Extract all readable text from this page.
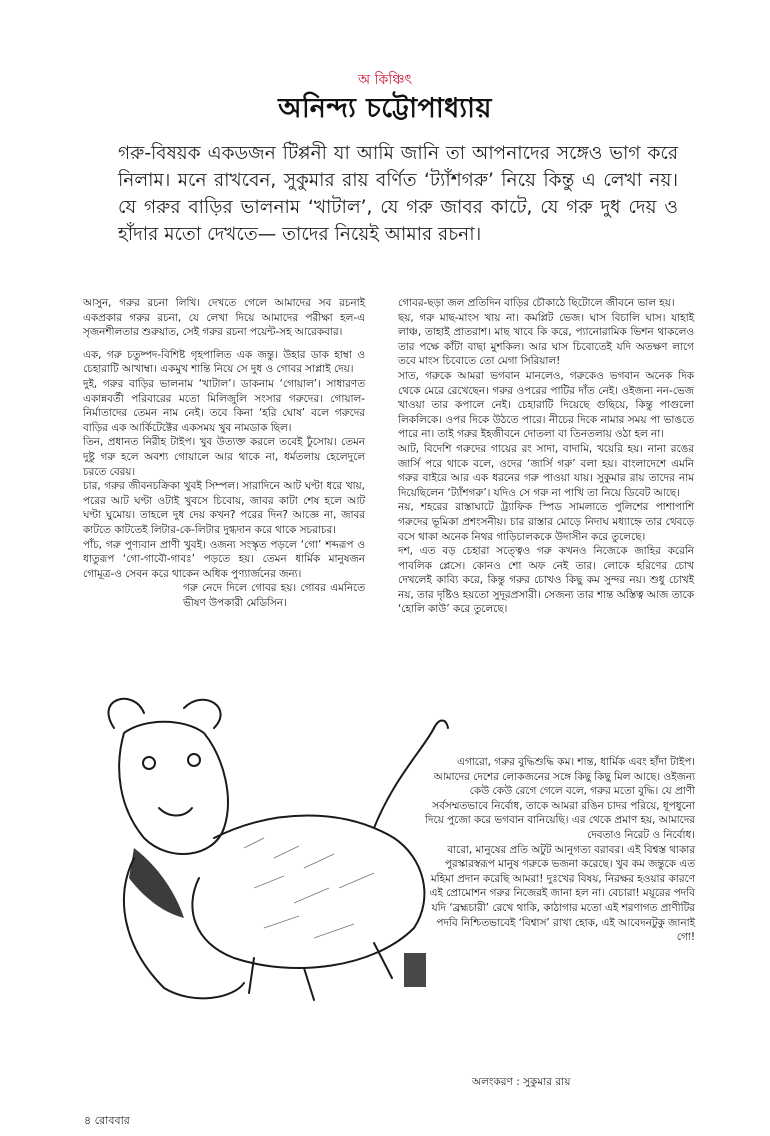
অ কিঞ্চিৎ
অনিন্দ্য চট্টোপাধ্যায়
গরু-বিষয়ক একডজন টিপ্পনী যা আমি জানি তা আপনাদের সঙ্গেও ভাগ করে নিলাম। মনে রাখবেন, সুকুমার রায় বর্ণিত ‘ট্যাঁশগরু’ নিয়ে কিন্তু এ লেখা নয়। যে গরুর বাড়ির ভালনাম ‘খাটাল’, যে গরু জাবর কাটে, যে গরু দুধ দেয় ও হাঁদার মতো দেখতে— তাদের নিয়েই আমার রচনা।

আসুন, গরুর রচনা লিখি। দেখতে গেলে আমাদের সব রচনাই একপ্রকার গরুর রচনা, যে লেখা দিয়ে আমাদের পরীক্ষা হল-এ সৃজনশীলতার শুরুয়াত, সেই গরুর রচনা পয়েন্ট-সহ আরেকবার।

এক, গরু চতুষ্পদ-বিশিষ্ট গৃহপালিত এক জন্তু। উহার ডাক হাম্বা ও চেহারাটি আখাম্বা। একমুখ শান্তি নিয়ে সে দুধ ও গোবর সাপ্লাই দেয়।

দুই, গরুর বাড়ির ভালনাম ‘খাটাল’। ডাকনাম ‘গোয়াল’। সাধারণত একান্নবর্তী পরিবারের মতো মিলিজুলি সংসার গরুদের। গোয়াল-নির্মাতাদের তেমন নাম নেই। তবে কিনা ‘হরি ঘোষ’ বলে গরুদের বাড়ির এক আর্কিটেক্টের একসময় খুব নামডাক ছিল।

তিন, প্রধানত নিরীহ টাইপ। খুব উত্যক্ত করলে তবেই ঢুঁসোয়। তেমন দুষ্টু গরু হলে অবশ্য গোয়ালে আর থাকে না, ধর্মতলায় হেলেদুলে চরতে বেরয়।

চার, গরুর জীবনচক্রিকা খুবই সিম্পল। সারাদিনে আট ঘণ্টা ধরে খায়, পরের আট ঘণ্টা ওটাই খুবসে চিবোয়, জাবর কাটা শেষ হলে আট ঘণ্টা ঘুমোয়। তাহলে দুধ দেয় কখন? পরের দিন? আজ্ঞে না, জাবর কাটতে কাটতেই লিটার-কে-লিটার দুগ্ধদান করে থাকে সচরাচর।

পাঁচ, গরু পুণ্যবান প্রাণী খুবই। ওজন্য সংস্কৃত পড়লে ‘গো’ শব্দরূপ ও ধাতুরূপ ‘গো-গাবৌ-গাবঃ’ পড়তে হয়। তেমন ধার্মিক মানুষজন গোমূত্র-ও সেবন করে থাকেন অধিক পুণ্যার্জনের জন্য।

গরু নেদে দিলে গোবর হয়। গোবর এমনিতে ভীষণ উপকারী মেডিসিন।

গোবর-ছড়া জল প্রতিদিন বাড়ির চৌকাঠে ছিটোলে জীবনে ভাল হয়।

ছয়, গরু মাছ-মাংস খায় না। কমপ্লিট ভেজ। ঘাস বিচালি ঘাস। যাহাই লাঞ্চ, তাহাই প্রাতরাশ। মাছ খাবে কি করে, প্যানোরামিক ভিশন থাকলেও তার পক্ষে কাঁটা বাছা মুশকিল। আর ঘাস চিবোতেই যদি অতক্ষণ লাগে তবে মাংস চিবোতে তো মেগা সিরিয়াল!

সাত, গরুকে আমরা ভগবান মানলেও, গরুকেও ভগবান অনেক দিক থেকে মেরে রেখেছেন। গরুর ওপরের পাটির দাঁত নেই। ওইজন্য নন-ভেজ খাওয়া তার কপালে নেই। চেহারাটি দিয়েছে গুছিয়ে, কিন্তু পাগুলো লিকলিকে। ওপর দিকে উঠতে পারে। নীচের দিকে নামার সময় পা ভাঙতে পারে না। তাই গরুর ইহজীবনে দোতলা বা তিনতলায় ওঠা হল না।

আট, বিদেশি গরুদের গায়ের রং সাদা, বাদামি, খয়েরি হয়। নানা রঙের জার্সি পরে থাকে বলে, ওদের ‘জার্সি গরু’ বলা হয়। বাংলাদেশে এমনি গরুর বাইরে আর এক ধরনের গরু পাওয়া যায়। সুকুমার রায় তাদের নাম দিয়েছিলেন ‘ট্যাঁশগরু’। যদিও সে গরু না পাখি তা নিয়ে ডিবেট আছে।

নয়, শহরের রাস্তাঘাটে ট্র্যাফিক স্পিড সামলাতে পুলিশের পাশাপাশি গরুদের ভূমিকা প্রশংসনীয়। চার রাস্তার মোড়ে নিদাঘ মধ্যাহ্নে তার থেবড়ে বসে থাকা অনেক নিথর গাড়িচালককে উদাসীন করে তুলেছে।

দশ, এত বড় চেহারা সত্ত্বেও গরু কখনও নিজেকে জাহির করেনি পাবলিক প্লেসে। কোনও শো অফ নেই তার। লোকে হরিণের চোখ দেখলেই কাব্যি করে, কিন্তু গরুর চোখও কিছু কম সুন্দর নয়। শুধু চোখই নয়, তার দৃষ্টিও হয়তো সুদূরপ্রসারী। সেজন্য তার শান্ত অস্তিত্ব আজ তাকে ‘হোলি কাউ’ করে তুলেছে।

এগারো, গরুর বুদ্ধিশুদ্ধি কম। শান্ত, ধার্মিক এবং হাঁদা টাইপ। আমাদের দেশের লোকজনের সঙ্গে কিছু কিছু মিল আছে। ওইজন্য কেউ কেউ রেগে গেলে বলে, গরুর মতো বুদ্ধি। যে প্রাণী সর্বসম্মতভাবে নির্বোধ, তাকে আমরা রঙিন চাদর পরিয়ে, ধূপধুনো দিয়ে পুজো করে ভগবান বানিয়েছি। এর থেকে প্রমাণ হয়, আমাদের দেবতাও নিরেট ও নির্বোধ।

বারো, মানুষের প্রতি অটুট আনুগত্য বরাবর। এই বিশ্বস্ত থাকার পুরস্কারস্বরূপ মানুষ গরুকে ভজনা করেছে। খুব কম জন্তুকে এত মহিমা প্রদান করেছি আমরা! দুঃখের বিষয়, নিরক্ষর হওয়ার কারণে এই প্রোমোশন গরুর নিজেরই জানা হল না। বেচারা! ময়ূরের পদবি যদি ‘ব্রহ্মচারী’ রেখে থাকি, কাঠাগার মতো এই শরণাগত প্রাণীটির পদবি নিশ্চিতভাবেই ‘বিশ্বাস’ রাখা হোক, এই আবেদনটুকু জানাই গো!

অলংকরণ : সুকুমার রায়
৪ রোববার
